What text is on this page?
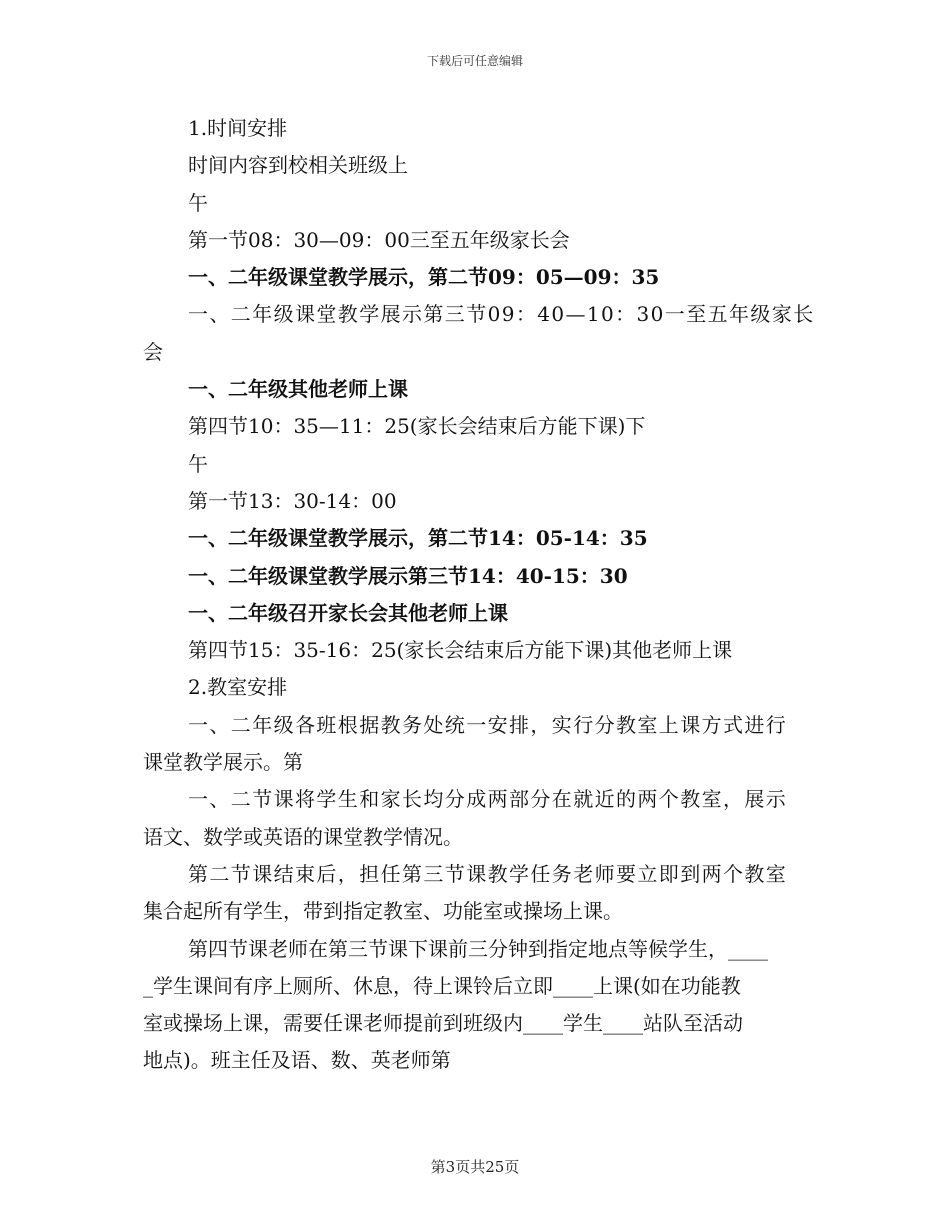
下载后可任意编辑
1.时间安排
时间内容到校相关班级上
午
第一节08：30—09：00三至五年级家长会
一、二年级课堂教学展示，第二节09：05—09：35
一、二年级课堂教学展示第三节09：40—10：30一至五年级家长
会
一、二年级其他老师上课
第四节10：35—11：25(家长会结束后方能下课)下
午
第一节13：30-14：00
一、二年级课堂教学展示，第二节14：05-14：35
一、二年级课堂教学展示第三节14：40-15：30
一、二年级召开家长会其他老师上课
第四节15：35-16：25(家长会结束后方能下课)其他老师上课
2.教室安排
一、二年级各班根据教务处统一安排，实行分教室上课方式进行
课堂教学展示。第
一、二节课将学生和家长均分成两部分在就近的两个教室，展示
语文、数学或英语的课堂教学情况。
第二节课结束后，担任第三节课教学任务老师要立即到两个教室
集合起所有学生，带到指定教室、功能室或操场上课。
第四节课老师在第三节课下课前三分钟到指定地点等候学生，____
_学生课间有序上厕所、休息，待上课铃后立即____上课(如在功能教
室或操场上课，需要任课老师提前到班级内____学生____站队至活动
地点)。班主任及语、数、英老师第
第3页共25页
